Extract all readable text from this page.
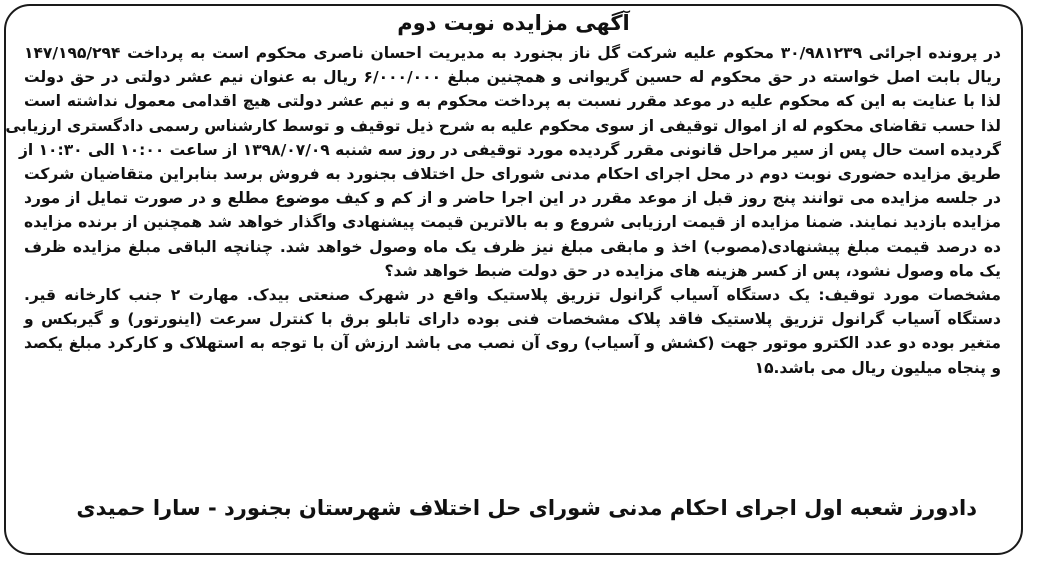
آگهی مزایده نوبت دوم
در پرونده اجرائی ۳۰/۹۸۱۲۳۹ محکوم علیه شرکت گل ناز بجنورد به مدیریت احسان ناصری محکوم است به پرداخت ۱۴۷/۱۹۵/۲۹۴
ریال بابت اصل خواسته در حق محکوم له حسین گریوانی و همچنین مبلغ ۶/۰۰۰/۰۰۰ ریال به عنوان نیم عشر دولتی در حق دولت
لذا با عنایت به این که محکوم علیه در موعد مقرر نسبت به پرداخت محکوم به و نیم عشر دولتی هیچ اقدامی معمول نداشته است
لذا حسب تقاضای محکوم له از اموال توقیفی از سوی محکوم علیه به شرح ذیل توقیف و توسط کارشناس رسمی دادگستری ارزیابی
گردیده است حال پس از سیر مراحل قانونی مقرر گردیده مورد توقیفی در روز سه شنبه ۱۳۹۸/۰۷/۰۹ از ساعت ۱۰:۰۰ الی ۱۰:۳۰ از
طریق مزایده حضوری نوبت دوم در محل اجرای احکام مدنی شورای حل اختلاف بجنورد به فروش برسد بنابراین متقاضیان شرکت
در جلسه مزایده می توانند پنج روز قبل از موعد مقرر در این اجرا حاضر و از کم و کیف موضوع مطلع و در صورت تمایل از مورد
مزایده بازدید نمایند. ضمنا مزایده از قیمت ارزیابی شروع و به بالاترین قیمت پیشنهادی واگذار خواهد شد همچنین از برنده مزایده
ده درصد قیمت مبلغ پیشنهادی(مصوب) اخذ و مابقی مبلغ نیز ظرف یک ماه وصول خواهد شد. چنانچه الباقی مبلغ مزایده ظرف
یک ماه وصول نشود، پس از کسر هزینه های مزایده در حق دولت ضبط خواهد شد؟
مشخصات مورد توقیف: یک دستگاه آسیاب گرانول تزریق پلاستیک واقع در شهرک صنعتی بیدک. مهارت ۲ جنب کارخانه قیر.
دستگاه آسیاب گرانول تزریق پلاستیک فاقد پلاک مشخصات فنی بوده دارای تابلو برق با کنترل سرعت (اینورتور) و گیربکس و
متغیر بوده دو عدد الکترو موتور جهت (کشش و آسیاب) روی آن نصب می باشد ارزش آن با توجه به استهلاک و کارکرد مبلغ یکصد
و پنجاه میلیون ریال می باشد.۱۵
دادورز شعبه اول اجرای احکام مدنی شورای حل اختلاف شهرستان بجنورد - سارا حمیدی
